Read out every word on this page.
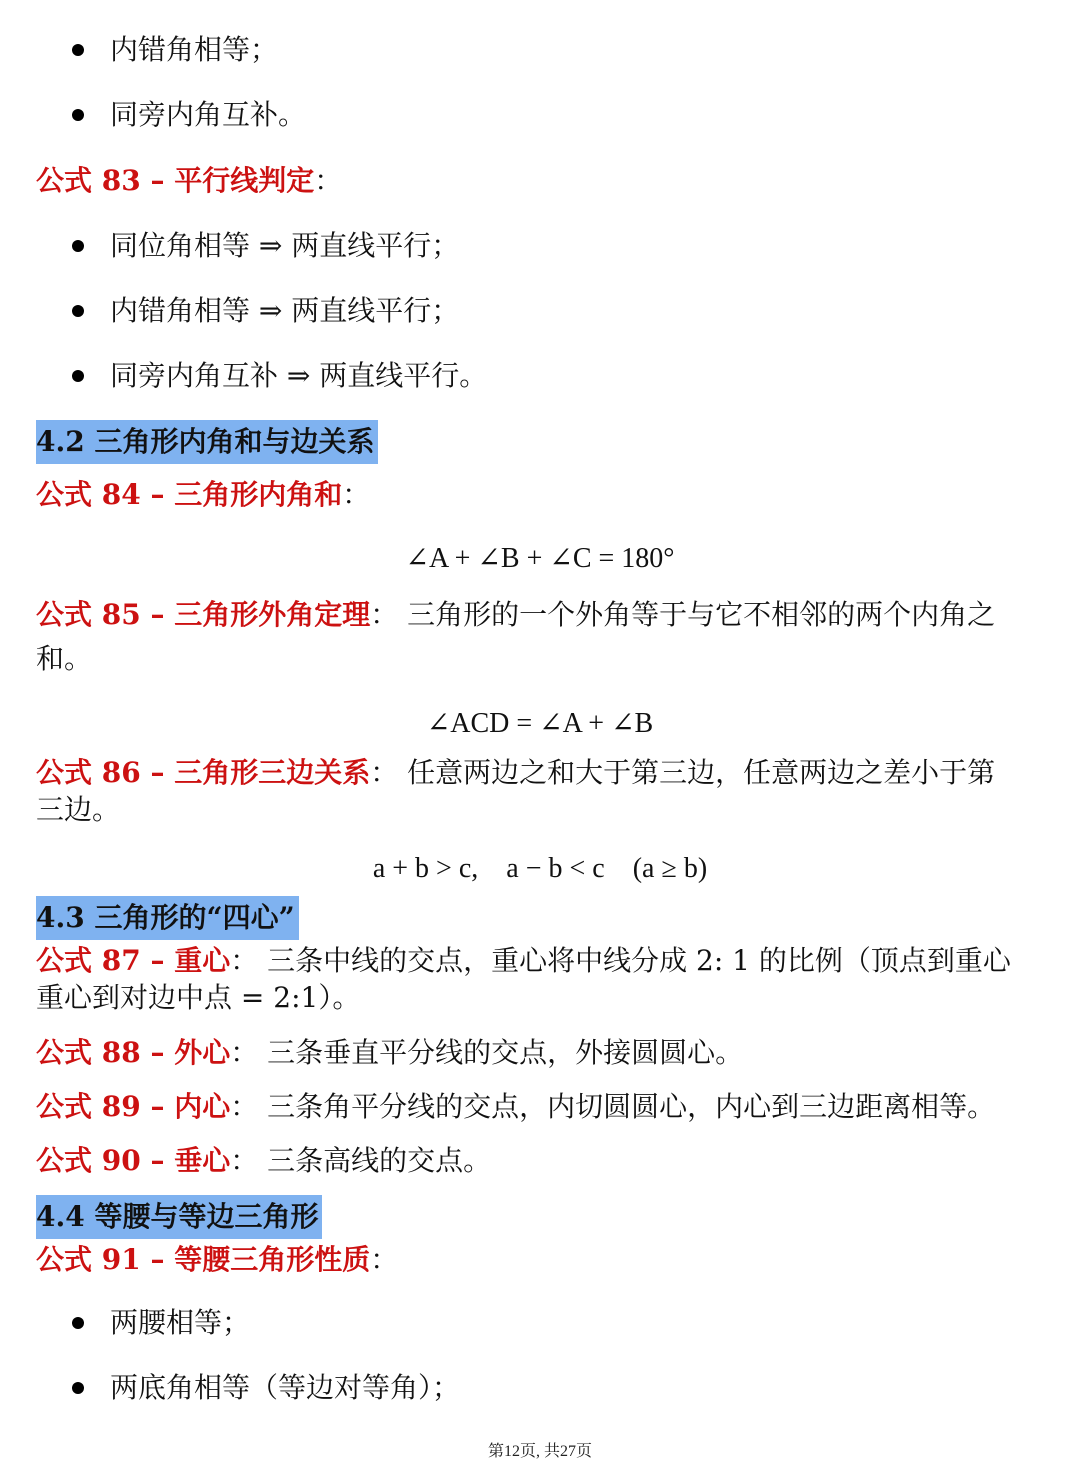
内错角相等；
同旁内角互补。
公式 83 – 平行线判定：
同位角相等 ⇒ 两直线平行；
内错角相等 ⇒ 两直线平行；
同旁内角互补 ⇒ 两直线平行。
4.2 三角形内角和与边关系
公式 84 – 三角形内角和：
∠A + ∠B + ∠C = 180°
公式 85 – 三角形外角定理： 三角形的一个外角等于与它不相邻的两个内角之
和。
∠ACD = ∠A + ∠B
公式 86 – 三角形三边关系： 任意两边之和大于第三边，任意两边之差小于第
三边。
a + b > c,    a − b < c    (a ≥ b)
4.3 三角形的“四心”
公式 87 – 重心： 三条中线的交点，重心将中线分成 2: 1 的比例（顶点到重心
重心到对边中点 = 2:1）。
公式 88 – 外心： 三条垂直平分线的交点，外接圆圆心。
公式 89 – 内心： 三条角平分线的交点，内切圆圆心，内心到三边距离相等。
公式 90 – 垂心： 三条高线的交点。
4.4 等腰与等边三角形
公式 91 – 等腰三角形性质：
两腰相等；
两底角相等（等边对等角）；
第12页, 共27页
